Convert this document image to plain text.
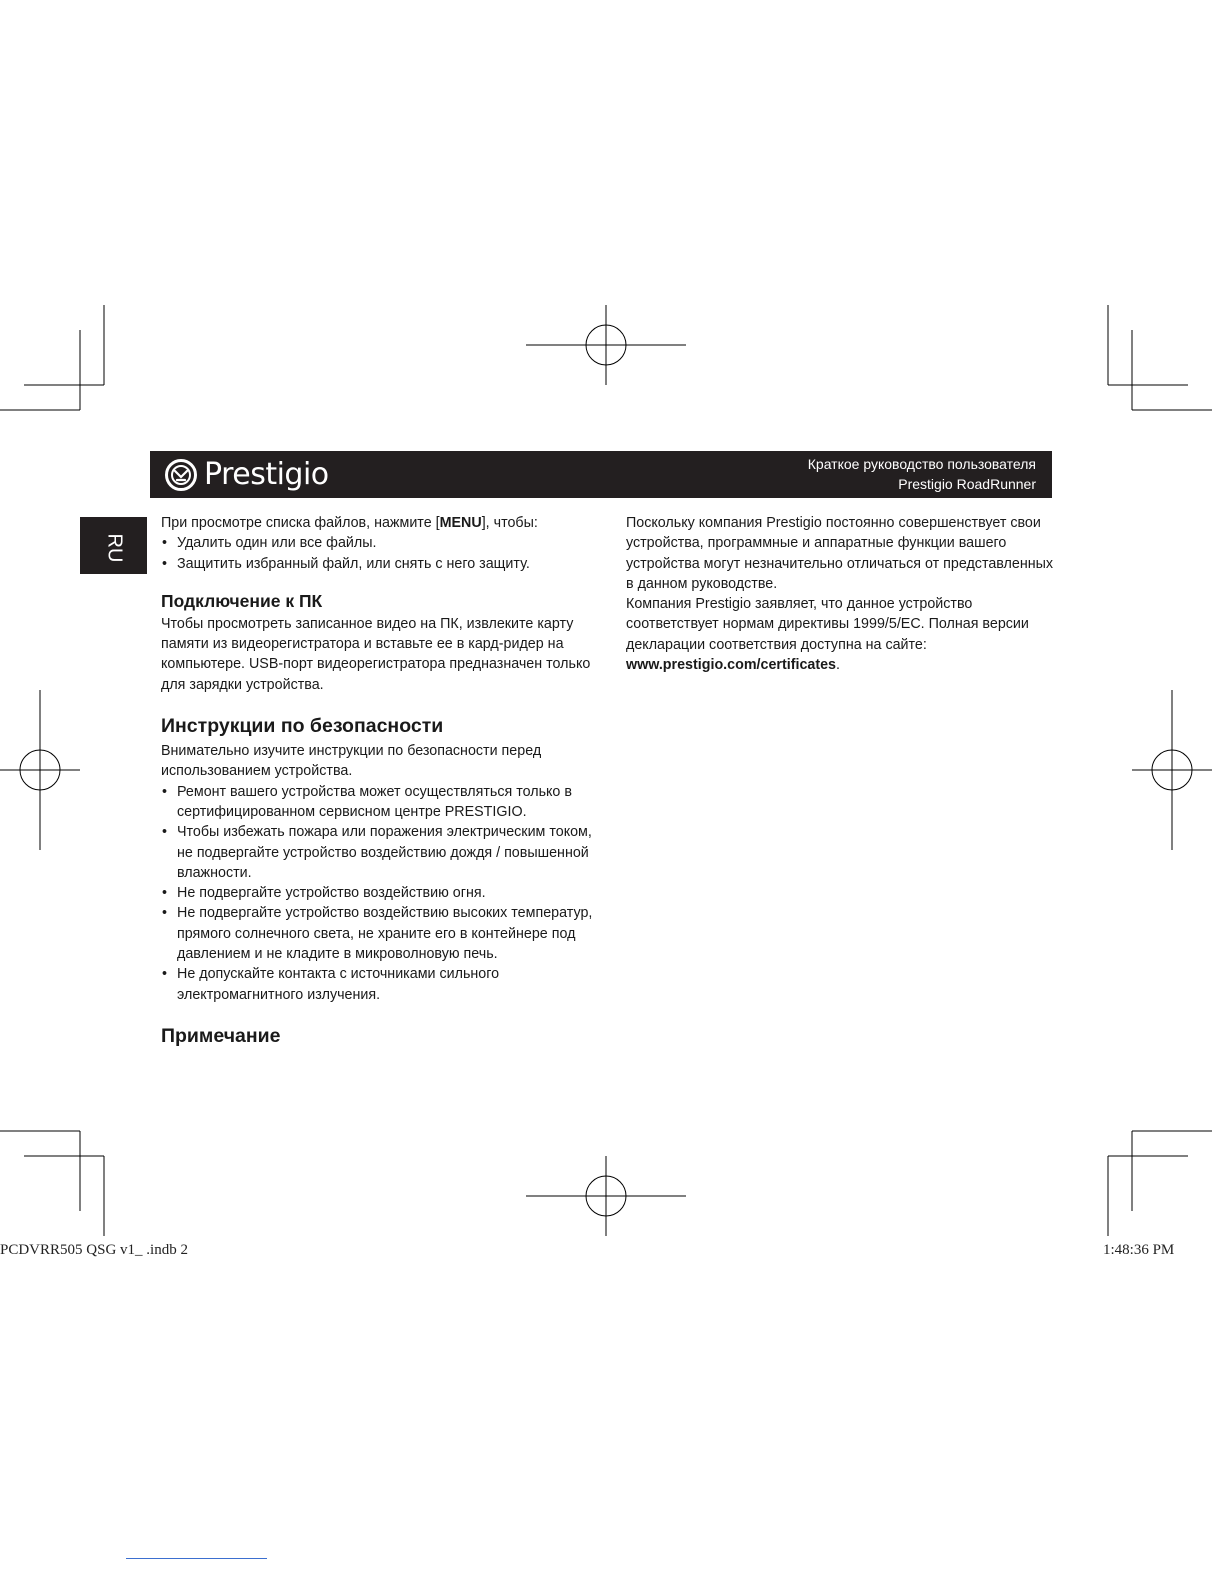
Prestigio	Краткое руководство пользователя
Prestigio RoadRunner
RU

При просмотре списка файлов, нажмите [MENU], чтобы:

• Удалить один или все файлы.
• Защитить избранный файл, или снять с него защиту.
Подключение к ПК

Чтобы просмотреть записанное видео на ПК, извлеките карту памяти из видеорегистратора и вставьте ее в кард-ридер на компьютере. USB-порт видеорегистратора предназначен только для зарядки устройства.

Инструкции по безопасности

Внимательно изучите инструкции по безопасности перед использованием устройства.

• Ремонт вашего устройства может осуществляться только в сертифицированном сервисном центре PRESTIGIO.
• Чтобы избежать пожара или поражения электрическим током, не подвергайте устройство воздействию дождя / повышенной влажности.
• Не подвергайте устройство воздействию огня.
• Не подвергайте устройство воздействию высоких температур, прямого солнечного света, не храните его в контейнере под давлением и не кладите в микроволновую печь.
• Не допускайте контакта с источниками сильного электромагнитного излучения.
Примечание

Поскольку компания Prestigio постоянно совершенствует свои устройства, программные и аппаратные функции вашего устройства могут незначительно отличаться от представленных в данном руководстве.

Компания Prestigio заявляет, что данное устройство соответствует нормам директивы 1999/5/EC. Полная версии декларации соответствия доступна на сайте:

www.prestigio.com/certificates.

PCDVRR505 QSG v1_ .indb 2	1:48:36 PM
